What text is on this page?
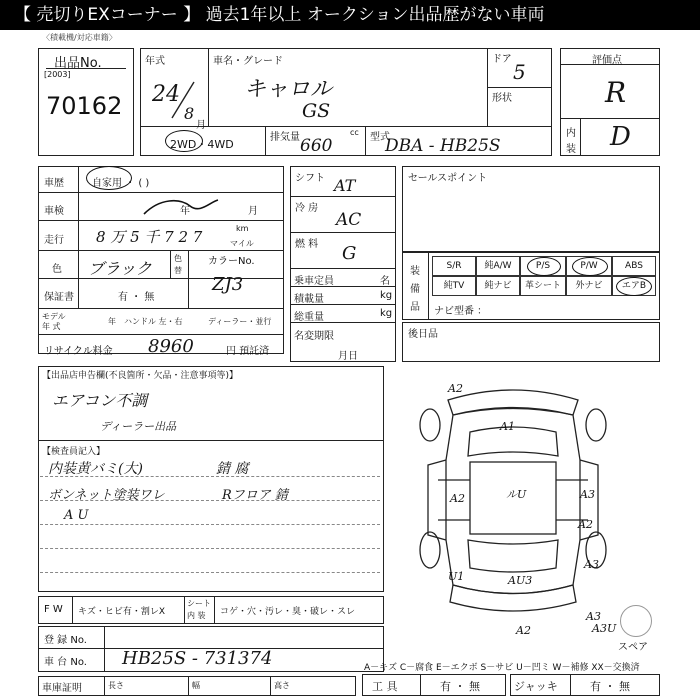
【 売切りEXコーナー 】 過去1年以上 オークション出品歴がない車両
〈積載機/対応車籍〉
出品No.
[2003]
70162
年式
24
8
月
車名・グレード
キャロル
GS
ドア
5
形状
2WD・4WD
排気量	cc
660	型式
DBA - HB25S
評価点
R
内
装 D
車歴	自家用 ・ ( )
車検	年	月
走行 8 万 5 千 7 2 7	km
マイル
色 ブラック
色
替
カラーNo.
ZJ3
保証書	有 ・ 無
モデル
年 式
年 ハンドル 左・右	ディーラー・並行
リサイクル料金 8960	円 預託済
シフト AT
冷 房
AC
燃 料 G
乗車定員	名
積載量	kg
総重量	kg
名変期限
月日
セールスポイント
装
備
品
S/R	純A/W	P/S	P/W	ABS
純TV	純ナビ	革シート	外ナビ	エアB
ナビ型番 ：
後日品
【出品店申告欄(不良箇所・欠品・注意事項等)】
エアコン不調
ディーラー出品
【検査員記入】
内装黄バミ(大)	錆 腐
ボンネット塗装ワレ	Rフロア 錆
A U
A2
A1
A2	ルU	A3
A2
A3
AU3
U1
A2
A3
A3U
スペア
F W キズ・ヒビ有・割レX
シート
内 装 コゲ・穴・汚レ・臭・破レ・スレ
登 録 No.
車 台 No. HB25S - 731374
車庫証明	長さ	幅	高さ
A－キズ C－腐食 E－エクボ S－サビ U－凹ミ W－補修 XX－交換済
工 具	有 ・ 無	ジャッキ	有 ・ 無
